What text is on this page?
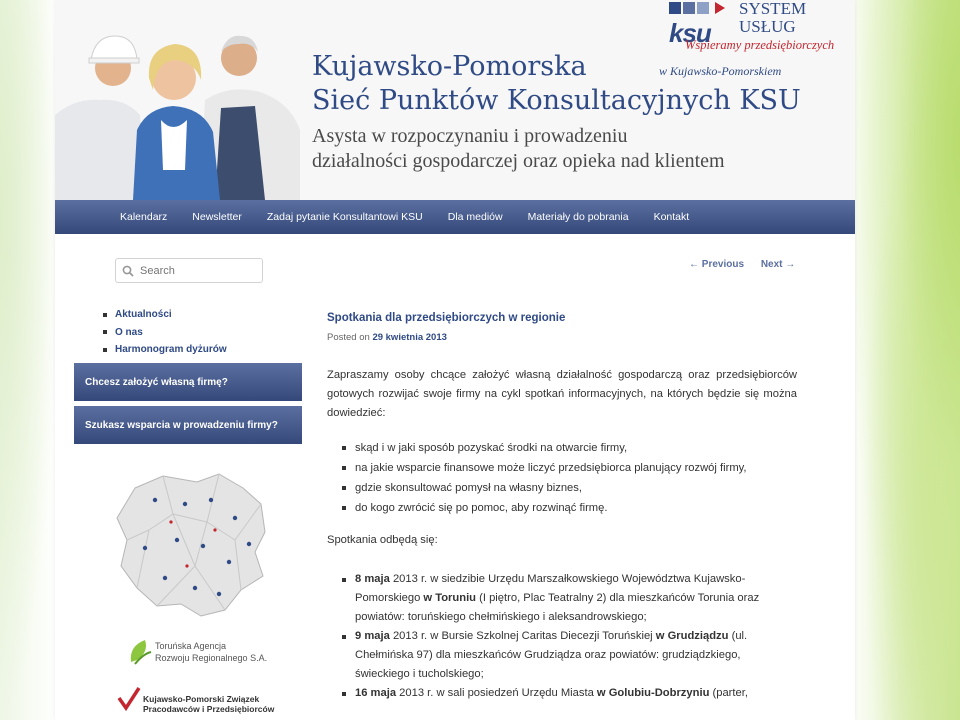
Kujawsko-Pomorska
Sieć Punktów Konsultacyjnych KSU
Asysta w rozpoczynaniu i prowadzeniu
działalności gospodarczej oraz opieka nad klientem
ksu
SYSTEM
USŁUG
Wspieramy przedsiębiorczych
w Kujawsko-Pomorskiem
Kalendarz Newsletter Zadaj pytanie Konsultantowi KSU Dla mediów Materiały do pobrania Kontakt
Search
Aktualności
O nas
Harmonogram dyżurów
Chcesz założyć własną firmę?
Szukasz wsparcia w prowadzeniu firmy?
Toruńska Agencja
Rozwoju Regionalnego S.A.
Kujawsko-Pomorski Związek
Pracodawców i Przedsiębiorców
← Previous Next →
Spotkania dla przedsiębiorczych w regionie
Posted on 29 kwietnia 2013
Zapraszamy osoby chcące założyć własną działalność gospodarczą oraz przedsiębiorców gotowych rozwijać swoje firmy na cykl spotkań informacyjnych, na których będzie się można dowiedzieć:
skąd i w jaki sposób pozyskać środki na otwarcie firmy,
na jakie wsparcie finansowe może liczyć przedsiębiorca planujący rozwój firmy,
gdzie skonsultować pomysł na własny biznes,
do kogo zwrócić się po pomoc, aby rozwinąć firmę.
Spotkania odbędą się:
8 maja 2013 r. w siedzibie Urzędu Marszałkowskiego Województwa Kujawsko-Pomorskiego w Toruniu (I piętro, Plac Teatralny 2) dla mieszkańców Torunia oraz powiatów: toruńskiego chełmińskiego i aleksandrowskiego;
9 maja 2013 r. w Bursie Szkolnej Caritas Diecezji Toruńskiej w Grudziądzu (ul. Chełmińska 97) dla mieszkańców Grudziądza oraz powiatów: grudziądzkiego, świeckiego i tucholskiego;
16 maja 2013 r. w sali posiedzeń Urzędu Miasta w Golubiu-Dobrzyniu (parter,
